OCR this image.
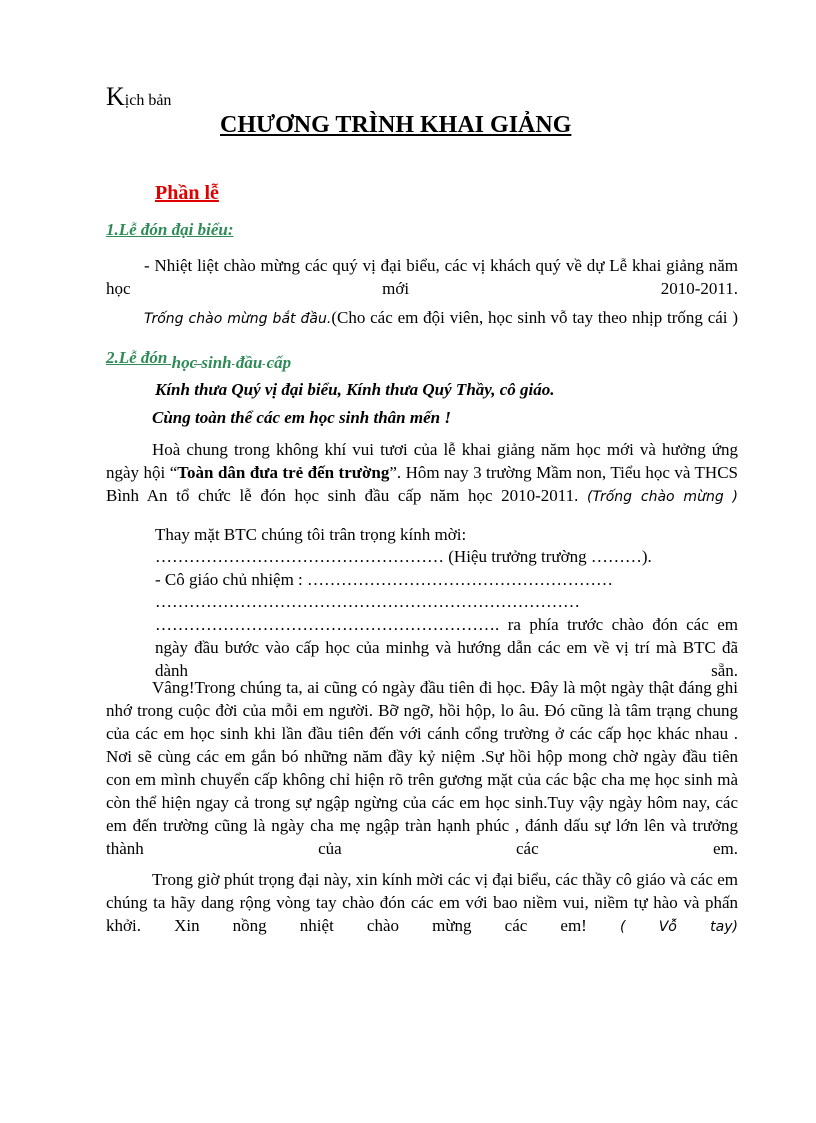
Kịch bản
CHƯƠNG TRÌNH KHAI GIẢNG
Phần lễ
1.Lễ đón đại biểu:
- Nhiệt liệt chào mừng các quý vị đại biểu, các vị khách quý về dự Lễ khai giảng năm học mới 2010-2011.
Trống chào mừng bắt đầu.(Cho các em đội viên, học sinh vỗ tay theo nhịp trống cái )
2.Lễ đón học sinh đầu cấp
Kính thưa Quý vị đại biểu, Kính thưa Quý Thầy, cô giáo.
Cùng toàn thể các em học sinh thân mến !
Hoà chung trong không khí vui tươi của lễ khai giảng năm học mới và hưởng ứng ngày hội “Toàn dân đưa trẻ đến trường”. Hôm nay 3 trường Mầm non, Tiểu học và THCS Bình An tổ chức lễ đón học sinh đầu cấp năm học 2010-2011. (Trống chào mừng )
Thay mặt BTC chúng tôi trân trọng kính mời:
…………………………………………… (Hiệu trưởng trường ………).
- Cô giáo chủ nhiệm : ………………………………………………
…………………………………………………………………
……………………………………………………. ra phía trước chào đón các em ngày đầu bước vào cấp học của minhg và hướng dẫn các em về vị trí mà BTC đã dành sẵn.
Vâng!Trong chúng ta, ai cũng có ngày đầu tiên đi học. Đây là một ngày thật đáng ghi nhớ trong cuộc đời của mỗi em người. Bỡ ngỡ, hồi hộp, lo âu. Đó cũng là tâm trạng chung của các em học sinh khi lần đầu tiên đến với cánh cổng trường ở các cấp học khác nhau . Nơi sẽ cùng các em gắn bó những năm đầy kỷ niệm .Sự hồi hộp mong chờ ngày đầu tiên con em mình chuyển cấp không chỉ hiện rõ trên gương mặt của các bậc cha mẹ học sinh mà còn thể hiện ngay cả trong sự ngập ngừng của các em học sinh.Tuy vậy ngày hôm nay, các em đến trường cũng là ngày cha mẹ ngập tràn hạnh phúc , đánh dấu sự lớn lên và trưởng thành của các em.
Trong giờ phút trọng đại này, xin kính mời các vị đại biểu, các thầy cô giáo và các em chúng ta hãy dang rộng vòng tay chào đón các em với bao niềm vui, niềm tự hào và phấn khởi. Xin nồng nhiệt chào mừng các em! ( Vỗ tay)
